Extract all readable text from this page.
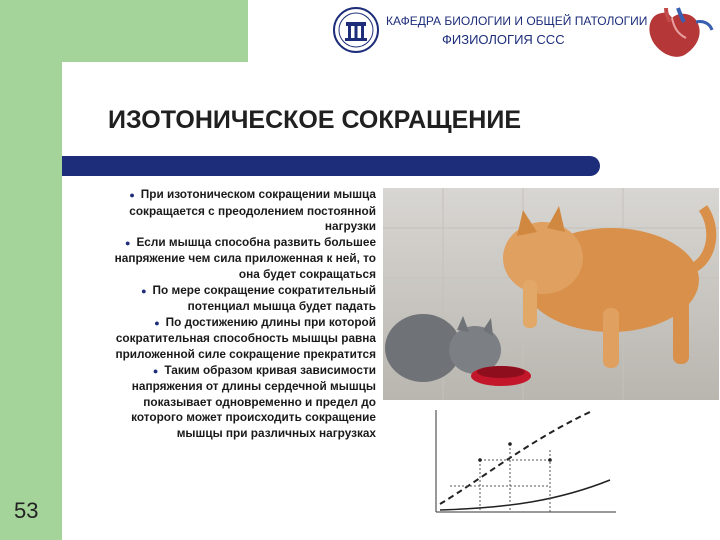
КАФЕДРА БИОЛОГИИ И ОБЩЕЙ ПАТОЛОГИИ
ФИЗИОЛОГИЯ ССС
ИЗОТОНИЧЕСКОЕ СОКРАЩЕНИЕ
● При изотоническом сокращении мышца сокращается с преодолением постоянной нагрузки
● Если мышца способна развить большее напряжение чем сила приложенная к ней, то она будет сокращаться
● По мере сокращение сократительный потенциал мышца будет падать
● По достижению длины при которой сократительная способность мышцы равна приложенной силе сокращение прекратится
● Таким образом кривая зависимости напряжения от длины сердечной мышцы показывает одновременно и предел до которого может происходить сокращение мышцы при различных нагрузках
53
